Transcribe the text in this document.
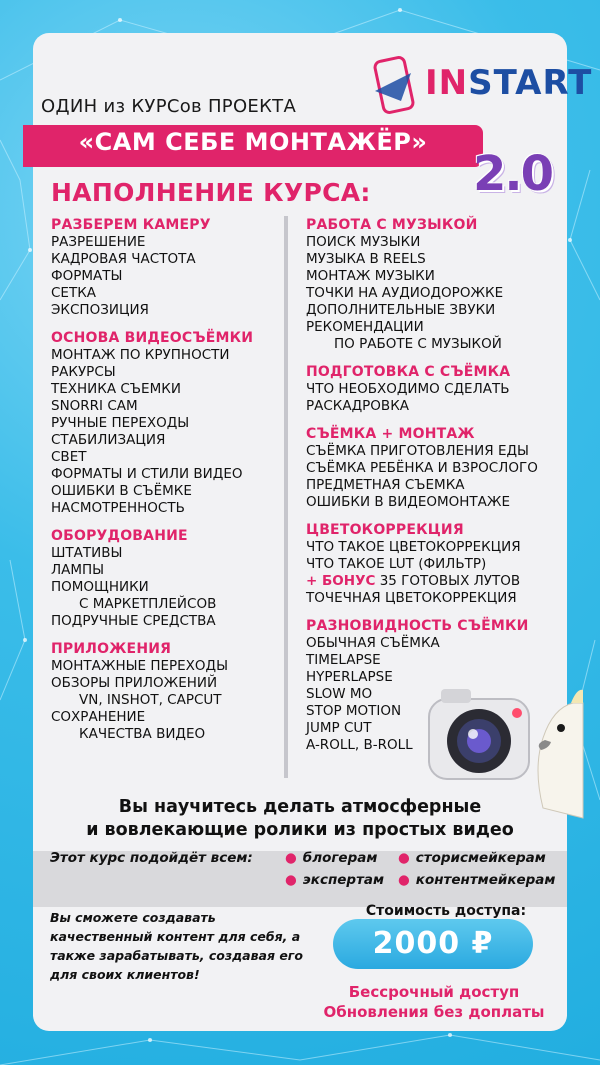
INSTART
ОДИН из КУРСов ПРОЕКТА
«САМ СЕБЕ МОНТАЖЁР»
2.0
НАПОЛНЕНИЕ КУРСА:
РАЗБЕРЕМ КАМЕРУ
РАЗРЕШЕНИЕ
КАДРОВАЯ ЧАСТОТА
ФОРМАТЫ
СЕТКА
ЭКСПОЗИЦИЯ
ОСНОВА ВИДЕОСЪЁМКИ
МОНТАЖ ПО КРУПНОСТИ
РАКУРСЫ
ТЕХНИКА СЪЕМКИ
SNORRI CAM
РУЧНЫЕ ПЕРЕХОДЫ
СТАБИЛИЗАЦИЯ
СВЕТ
ФОРМАТЫ И СТИЛИ ВИДЕО
ОШИБКИ В СЪЁМКЕ
НАСМОТРЕННОСТЬ
ОБОРУДОВАНИЕ
ШТАТИВЫ
ЛАМПЫ
ПОМОЩНИКИ
С МАРКЕТПЛЕЙСОВ
ПОДРУЧНЫЕ СРЕДСТВА
ПРИЛОЖЕНИЯ
МОНТАЖНЫЕ ПЕРЕХОДЫ
ОБЗОРЫ ПРИЛОЖЕНИЙ
VN, INSHOT, CAPCUT
СОХРАНЕНИЕ
КАЧЕСТВА ВИДЕО
РАБОТА С МУЗЫКОЙ
ПОИСК МУЗЫКИ
МУЗЫКА В REELS
МОНТАЖ МУЗЫКИ
ТОЧКИ НА АУДИОДОРОЖКЕ
ДОПОЛНИТЕЛЬНЫЕ ЗВУКИ
РЕКОМЕНДАЦИИ
ПО РАБОТЕ С МУЗЫКОЙ
ПОДГОТОВКА С СЪЁМКА
ЧТО НЕОБХОДИМО СДЕЛАТЬ
РАСКАДРОВКА
СЪЁМКА + МОНТАЖ
СЪЁМКА ПРИГОТОВЛЕНИЯ ЕДЫ
СЪЁМКА РЕБЁНКА И ВЗРОСЛОГО
ПРЕДМЕТНАЯ СЪЕМКА
ОШИБКИ В ВИДЕОМОНТАЖЕ
ЦВЕТОКОРРЕКЦИЯ
ЧТО ТАКОЕ ЦВЕТОКОРРЕКЦИЯ
ЧТО ТАКОЕ LUT (ФИЛЬТР)
+ БОНУС 35 ГОТОВЫХ ЛУТОВ
ТОЧЕЧНАЯ ЦВЕТОКОРРЕКЦИЯ
РАЗНОВИДНОСТЬ СЪЁМКИ
ОБЫЧНАЯ СЪЁМКА
TIMELAPSE
HYPERLAPSE
SLOW MO
STOP MOTION
JUMP CUT
A-ROLL, B-ROLL
Вы научитесь делать атмосферные
и вовлекающие ролики из простых видео
Этот курс подойдёт всем: ● блогерам ● сторисмейкерам
● экспертам ● контентмейкерам
Вы сможете создавать качественный контент для себя, а также зарабатывать, создавая его для своих клиентов!
Стоимость доступа:
2000 ₽
Бессрочный доступ
Обновления без доплаты
